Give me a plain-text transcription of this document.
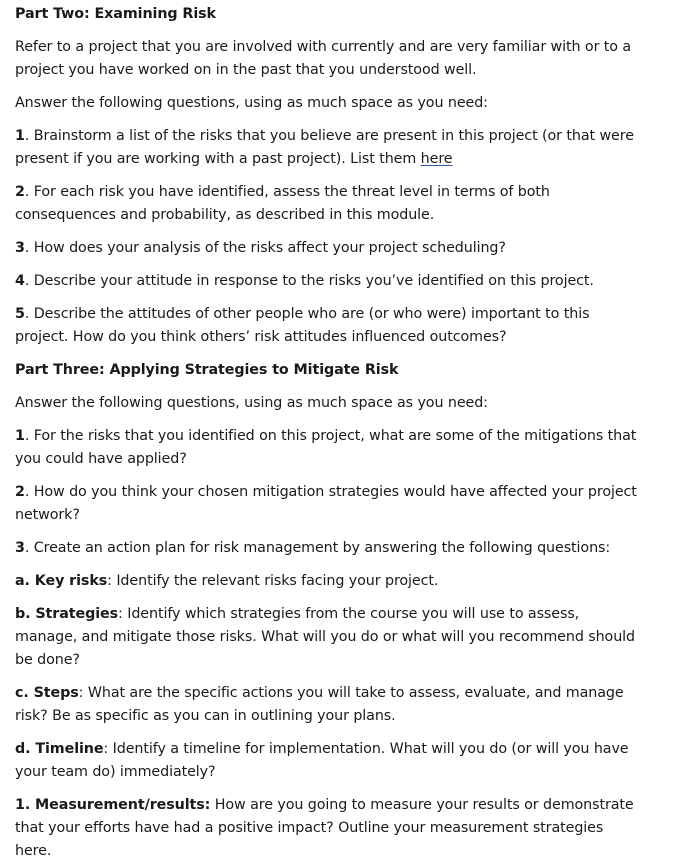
Part Two: Examining Risk
Refer to a project that you are involved with currently and are very familiar with or to a project you have worked on in the past that you understood well.
Answer the following questions, using as much space as you need:
1. Brainstorm a list of the risks that you believe are present in this project (or that were present if you are working with a past project). List them here
2. For each risk you have identified, assess the threat level in terms of both consequences and probability, as described in this module.
3. How does your analysis of the risks affect your project scheduling?
4. Describe your attitude in response to the risks you’ve identified on this project.
5. Describe the attitudes of other people who are (or who were) important to this project. How do you think others’ risk attitudes influenced outcomes?
Part Three: Applying Strategies to Mitigate Risk
Answer the following questions, using as much space as you need:
1. For the risks that you identified on this project, what are some of the mitigations that you could have applied?
2. How do you think your chosen mitigation strategies would have affected your project network?
3. Create an action plan for risk management by answering the following questions:
a. Key risks: Identify the relevant risks facing your project.
b. Strategies: Identify which strategies from the course you will use to assess, manage, and mitigate those risks. What will you do or what will you recommend should be done?
c. Steps: What are the specific actions you will take to assess, evaluate, and manage risk? Be as specific as you can in outlining your plans.
d. Timeline: Identify a timeline for implementation. What will you do (or will you have your team do) immediately?
1. Measurement/results: How are you going to measure your results or demonstrate that your efforts have had a positive impact? Outline your measurement strategies here.
